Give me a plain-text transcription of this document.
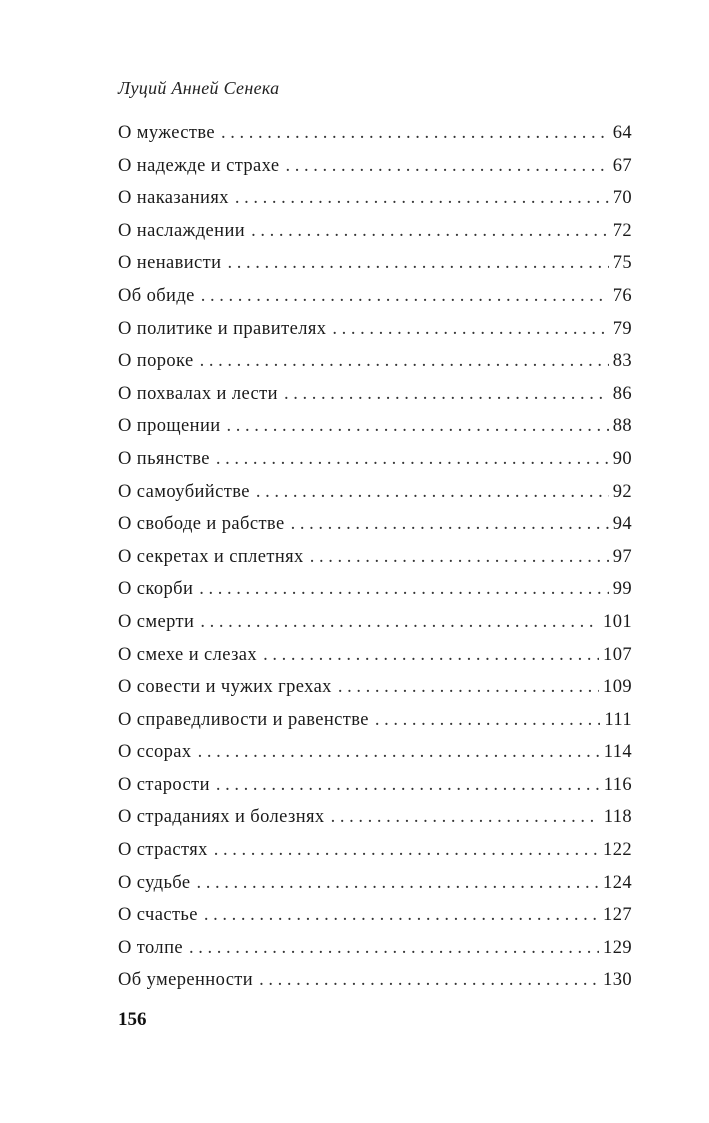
Луций Анней Сенека
О мужестве . . .	64
О надежде и страхе . . .	67
О наказаниях . . .	70
О наслаждении . . .	72
О ненависти . . .	75
Об обиде . . .	76
О политике и правителях . . .	79
О пороке . . .	83
О похвалах и лести . . .	86
О прощении . . .	88
О пьянстве . . .	90
О самоубийстве . . .	92
О свободе и рабстве . . .	94
О секретах и сплетнях . . .	97
О скорби . . .	99
О смерти . . .	101
О смехе и слезах . . .	107
О совести и чужих грехах . . .	109
О справедливости и равенстве . . .	111
О ссорах . . .	114
О старости . . .	116
О страданиях и болезнях . . .	118
О страстях . . .	122
О судьбе . . .	124
О счастье . . .	127
О толпе . . .	129
Об умеренности . . .	130
156
